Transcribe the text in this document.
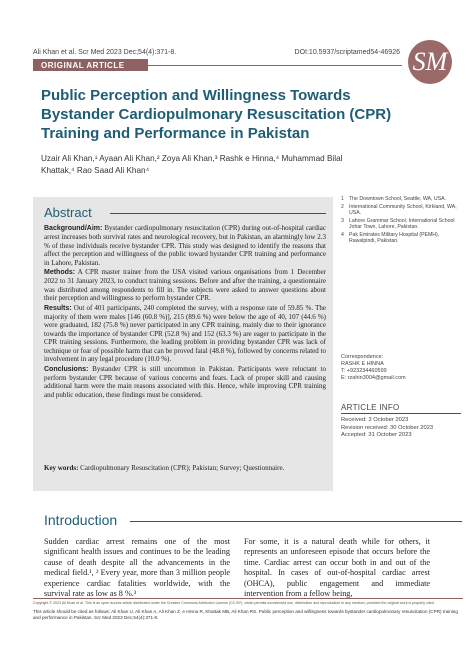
Ali Khan et al. Scr Med 2023 Dec;54(4):371-8.	DOI:10.5937/scriptamed54-46926 SM
ORIGINAL ARTICLE
Public Perception and Willingness Towards Bystander Cardiopulmonary Resuscitation (CPR) Training and Performance in Pakistan
Uzair Ali Khan,¹ Ayaan Ali Khan,² Zoya Ali Khan,³ Rashk e Hinna,⁴ Muhammad Bilal Khattak,⁴ Rao Saad Ali Khan⁴
Abstract

Background/Aim: Bystander cardiopulmonary resuscitation (CPR) during out-of-hospital cardiac arrest increases both survival rates and neurological recovery, but in Pakistan, an alarmingly low 2.3 % of these individuals receive bystander CPR. This study was designed to identify the reasons that affect the perception and willingness of the public toward bystander CPR training and performance in Lahore, Pakistan.

Methods: A CPR master trainer from the USA visited various organisations from 1 December 2022 to 31 January 2023, to conduct training sessions. Before and after the training, a questionnaire was distributed among respondents to fill in. The subjects were asked to answer questions about their perception and willingness to perform bystander CPR.

Results: Out of 401 participants, 240 completed the survey, with a response rate of 59.85 %. The majority of them were males [146 (60.8 %)], 215 (89.6 %) were below the age of 40, 107 (44.6 %) were graduated, 182 (75.8 %) never participated in any CPR training, mainly due to their ignorance towards the importance of bystander CPR (52.8 %) and 152 (63.3 %) are eager to participate in the CPR training sessions. Furthermore, the leading problem in providing bystander CPR was lack of technique or fear of possible harm that can be proved fatal (48.8 %), followed by concerns related to involvement in any legal procedure (10.0 %).

Conclusions: Bystander CPR is still uncommon in Pakistan. Participants were reluctant to perform bystander CPR because of various concerns and fears. Lack of proper skill and causing additional harm were the main reasons associated with this. Hence, while improving CPR training and public education, these findings must be considered.

Key words: Cardiopulmonary Resuscitation (CPR); Pakistan; Survey; Questionnaire.
1 The Downtown School, Seattle, WA, USA.
2 International Community School, Kirkland, WA, USA.
3 Lahore Grammar School, International School Johar Town, Lahore, Pakistan.
4 Pak Emirates Military Hospital (PEMH), Rawalpindi, Pakistan.
Correspondence:
RASHK E HINNA
T: +923234460599
E: rzahin3004@gmail.com
ARTICLE INFO
Received: 3 October 2023
Revision received: 30 October 2023
Accepted: 31 October 2023
Introduction
Sudden cardiac arrest remains one of the most significant health issues and continues to be the leading cause of death despite all the advancements in the medical field.¹, ² Every year, more than 3 million people experience cardiac fatalities worldwide, with the survival rate as low as 8 %.³
For some, it is a natural death while for others, it represents an unforeseen episode that occurs before the time. Cardiac arrest can occur both in and out of the hospital. In cases of out-of-hospital cardiac arrest (OHCA), public engagement and immediate intervention from a fellow being,
Copyright © 2023 Ali Khan et al. This is an open access article distributed under the Creative Commons Attribution License (CC BY), which permits unrestricted use, distribution and reproduction in any medium, provided the original work is properly cited.
This article should be cited as follows: Ali Khan U, Ali Khan A, Ali Khan Z, e Hinna R, Khattak MB, Ali Khan RS. Public perception and willingness towards bystander cardiopulmonary resuscitation (CPR) training and performance in Pakistan. Scr Med 2023 Dec;54(4):371-8.
